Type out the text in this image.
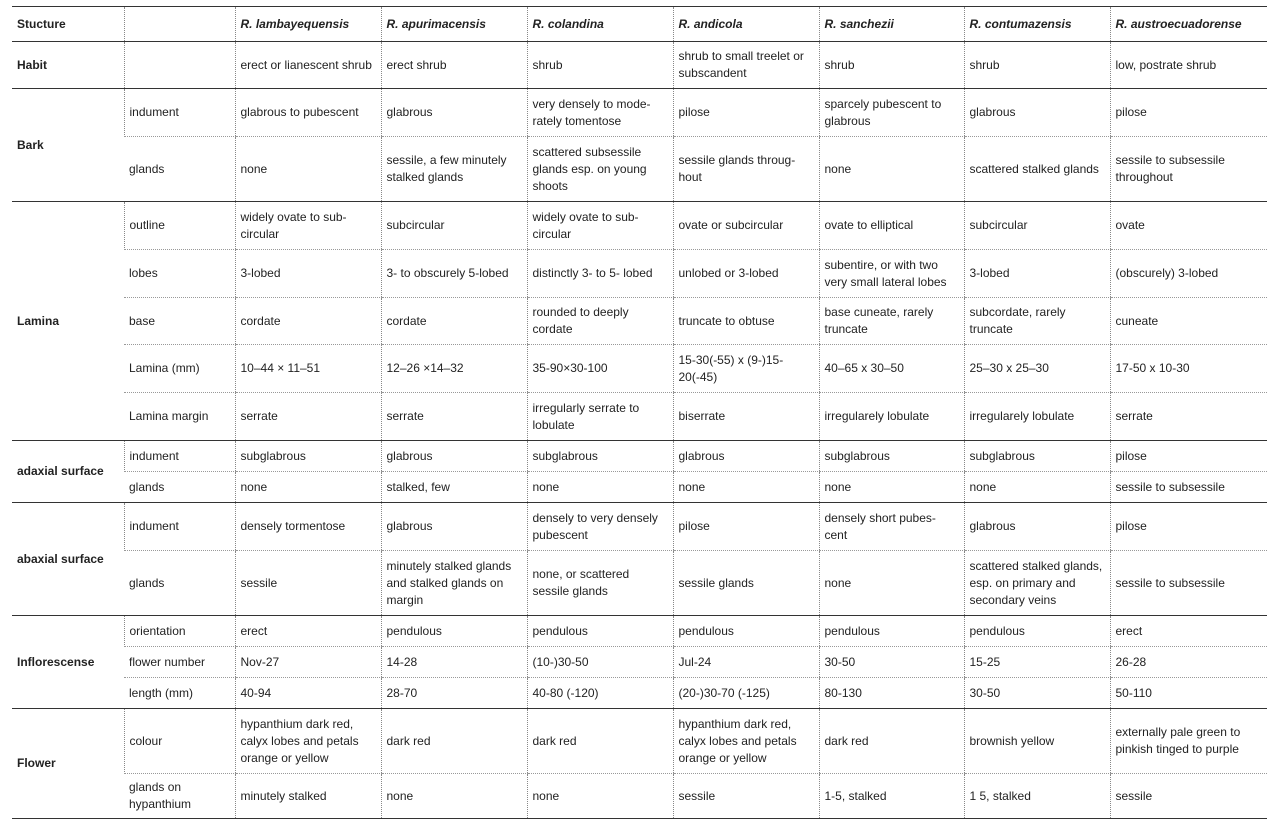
Stucture		R. lambayequensis	R. apurimacensis	R. colandina	R. andicola	R. sanchezii	R. contumazensis	R. austroecuadorense
Habit		erect or lianescent shrub	erect shrub	shrub	shrub to small treelet or subscandent	shrub	shrub	low, postrate shrub
Bark	indument	glabrous to pubescent	glabrous	very densely to mode-rately tomentose	pilose	sparcely pubescent to glabrous	glabrous	pilose
	glands	none	sessile, a few minutely stalked glands	scattered subsessile glands esp. on young shoots	sessile glands throug-hout	none	scattered stalked glands	sessile to subsessile throughout
Lamina	outline	widely ovate to sub-circular	subcircular	widely ovate to sub-circular	ovate or subcircular	ovate to elliptical	subcircular	ovate
	lobes	3-lobed	3- to obscurely 5-lobed	distinctly 3- to 5- lobed	unlobed or 3-lobed	subentire, or with two very small lateral lobes	3-lobed	(obscurely) 3-lobed
	base	cordate	cordate	rounded to deeply cordate	truncate to obtuse	base cuneate, rarely truncate	subcordate, rarely truncate	cuneate
	Lamina (mm)	10–44 × 11–51	12–26 ×14–32	35-90×30-100	15-30(-55) x (9-)15-20(-45)	40–65 x 30–50	25–30 x 25–30	17-50 x 10-30
	Lamina margin	serrate	serrate	irregularly serrate to lobulate	biserrate	irregularely lobulate	irregularely lobulate	serrate
adaxial surface	indument	subglabrous	glabrous	subglabrous	glabrous	subglabrous	subglabrous	pilose
	glands	none	stalked, few	none	none	none	none	sessile to subsessile
abaxial surface	indument	densely tormentose	glabrous	densely to very densely pubescent	pilose	densely short pubes-cent	glabrous	pilose
	glands	sessile	minutely stalked glands and stalked glands on margin	none, or scattered sessile glands	sessile glands	none	scattered stalked glands, esp. on primary and secondary veins	sessile to subsessile
Inflorescense	orientation	erect	pendulous	pendulous	pendulous	pendulous	pendulous	erect
	flower number	Nov-27	14-28	(10-)30-50	Jul-24	30-50	15-25	26-28
	length (mm)	40-94	28-70	40-80 (-120)	(20-)30-70 (-125)	80-130	30-50	50-110
Flower	colour	hypanthium dark red, calyx lobes and petals orange or yellow	dark red	dark red	hypanthium dark red, calyx lobes and petals orange or yellow	dark red	brownish yellow	externally pale green to pinkish tinged to purple
	glands on hypanthium	minutely stalked	none	none	sessile	1-5, stalked	1 5, stalked	sessile
